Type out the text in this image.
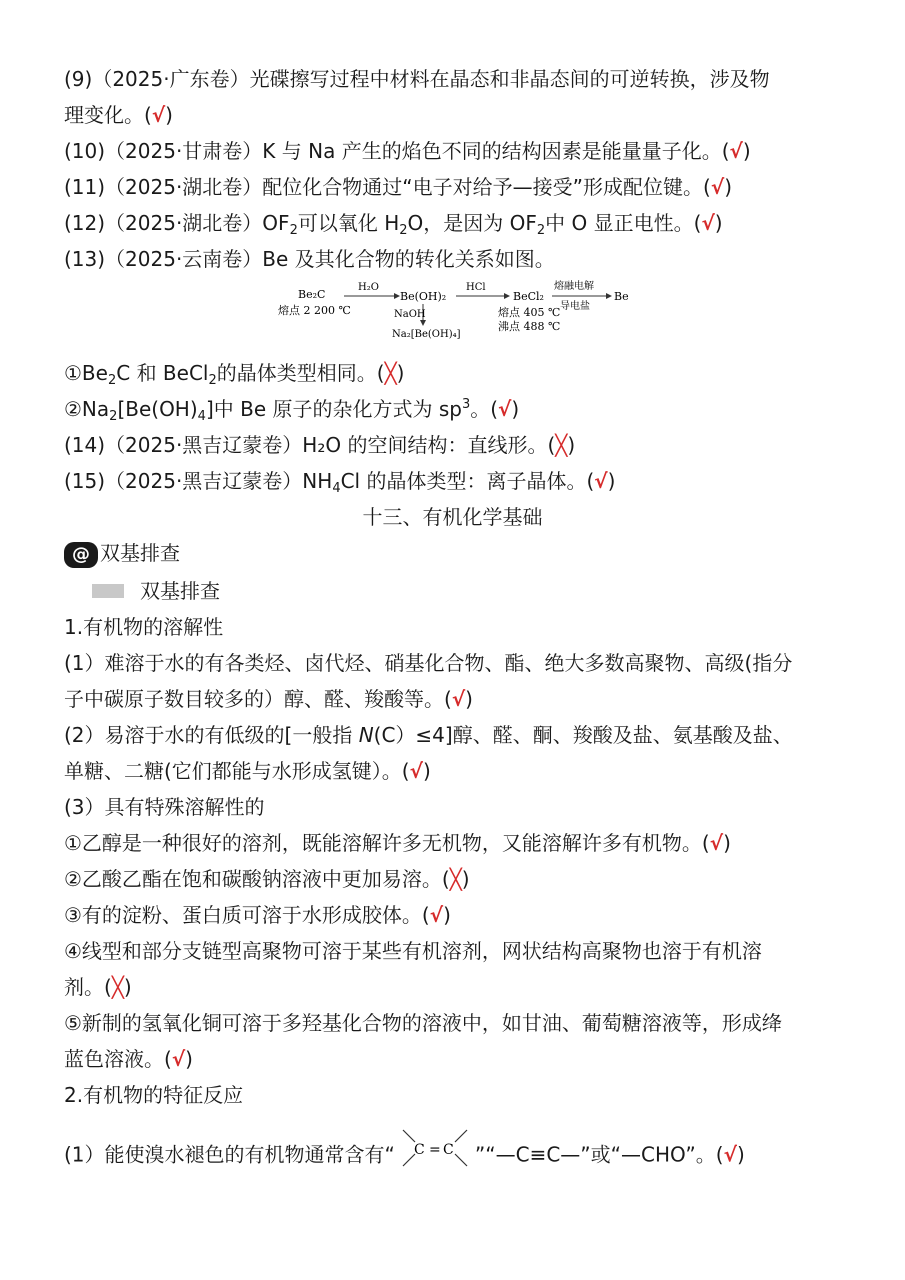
(9)（2025·广东卷）光碟擦写过程中材料在晶态和非晶态间的可逆转换，涉及物
理变化。(√)
(10)（2025·甘肃卷）K 与 Na 产生的焰色不同的结构因素是能量量子化。(√)
(11)（2025·湖北卷）配位化合物通过“电子对给予—接受”形成配位键。(√)
(12)（2025·湖北卷）$OF_2$可以氧化 $H_2O$，是因为 $OF_2$中 O 显正电性。(√)
(13)（2025·云南卷）Be 及其化合物的转化关系如图。
Be₂C
熔点 2 200 ℃
H₂O
Be(OH)₂
NaOH
Na₂[Be(OH)₄]
HCl
BeCl₂
熔点 405 ℃
沸点 488 ℃
熔融电解
导电盐
Be
$①Be_2C$ 和 BeCl$_2$的晶体类型相同。(╳)
$②Na_2[Be(OH)_4]$中 Be 原子的杂化方式为 $sp^3$。(√)
(14)（2025·黑吉辽蒙卷）H₂O 的空间结构：直线形。(╳)
(15)（2025·黑吉辽蒙卷）$NH_4Cl$ 的晶体类型：离子晶体。(√)
十三、有机化学基础
@ 双基排查
双基排查
1.有机物的溶解性
(1）难溶于水的有各类烃、卤代烃、硝基化合物、酯、绝大多数高聚物、高级(指分
子中碳原子数目较多的）醇、醛、羧酸等。(√)
(2）易溶于水的有低级的[一般指 N(C）≤4]醇、醛、酮、羧酸及盐、氨基酸及盐、
单糖、二糖(它们都能与水形成氢键）。(√)
(3）具有特殊溶解性的
①乙醇是一种很好的溶剂，既能溶解许多无机物，又能溶解许多有机物。(√)
②乙酸乙酯在饱和碳酸钠溶液中更加易溶。(╳)
③有的淀粉、蛋白质可溶于水形成胶体。(√)
④线型和部分支链型高聚物可溶于某些有机溶剂，网状结构高聚物也溶于有机溶
剂。(╳)
⑤新制的氢氧化铜可溶于多羟基化合物的溶液中，如甘油、葡萄糖溶液等，形成绛
蓝色溶液。(√)
2.有机物的特征反应
(1）能使溴水褪色的有机物通常含有“ C = C ”“—C≡C—”或“—CHO”。(√)
